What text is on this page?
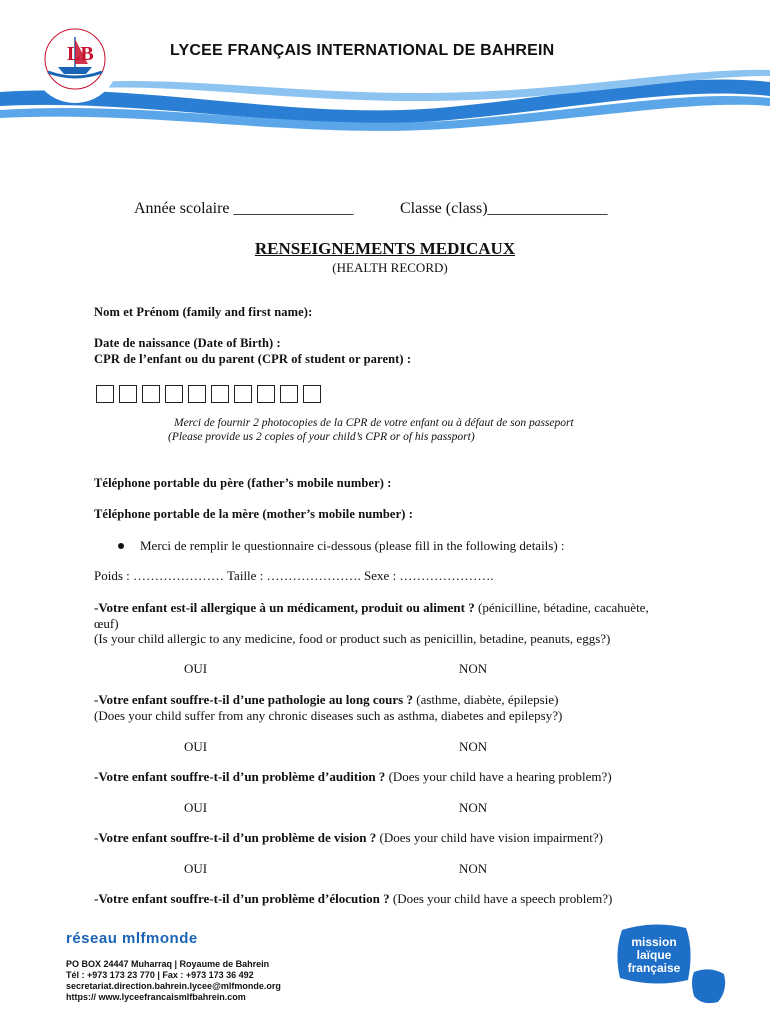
LB	LYCEE FRANÇAIS INTERNATIONAL DE BAHREIN
Année scolaire _______________	Classe (class)_______________
RENSEIGNEMENTS MEDICAUX
(HEALTH RECORD)
Nom et Prénom (family and first name):
Date de naissance (Date of Birth) :
CPR de l’enfant ou du parent (CPR of student or parent) :
Merci de fournir 2 photocopies de la CPR de votre enfant ou à défaut de son passeport
(Please provide us 2 copies of your child’s CPR or of his passport)
Téléphone portable du père (father’s mobile number) :
Téléphone portable de la mère (mother’s mobile number) :
Merci de remplir le questionnaire ci-dessous (please fill in the following details) :
Poids : ………………… Taille : …………………. Sexe : ………………….
-Votre enfant est-il allergique à un médicament, produit ou aliment ? (pénicilline, bétadine, cacahuète, œuf)
(Is your child allergic to any medicine, food or product such as penicillin, betadine, peanuts, eggs?)
OUI	NON
-Votre enfant souffre-t-il d’une pathologie au long cours ? (asthme, diabète, épilepsie)
(Does your child suffer from any chronic diseases such as asthma, diabetes and epilepsy?)
OUI	NON
-Votre enfant souffre-t-il d’un problème d’audition ? (Does your child have a hearing problem?)
OUI	NON
-Votre enfant souffre-t-il d’un problème de vision ? (Does your child have vision impairment?)
OUI	NON
-Votre enfant souffre-t-il d’un problème d’élocution ? (Does your child have a speech problem?)
réseau mlfmonde
PO BOX 24447 Muharraq | Royaume de Bahrein
Tél : +973 173 23 770 | Fax : +973 173 36 492
secretariat.direction.bahrein.lycee@mlfmonde.org
https:// www.lyceefrancaismlfbahrein.com
mission
laïque
française
